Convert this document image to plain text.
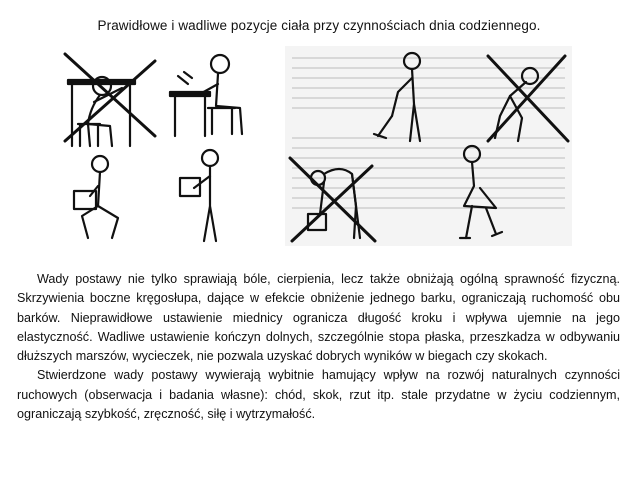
Prawidłowe i wadliwe pozycje ciała przy czynnościach dnia codziennego.

Wady postawy nie tylko sprawiają bóle, cierpienia, lecz także obniżają ogólną sprawność fizyczną. Skrzywienia boczne kręgosłupa, dające w efekcie obniżenie jednego barku, ograniczają ruchomość obu barków. Nieprawidłowe ustawienie miednicy ogranicza długość kroku i wpływa ujemnie na jego elastyczność. Wadliwe ustawienie kończyn dolnych, szczególnie stopa płaska, przeszkadza w odbywaniu dłuższych marszów, wycieczek, nie pozwala uzyskać dobrych wyników w biegach czy skokach.

Stwierdzone wady postawy wywierają wybitnie hamujący wpływ na rozwój naturalnych czynności ruchowych (obserwacja i badania własne): chód, skok, rzut itp. stale przydatne w życiu codziennym, ograniczają szybkość, zręczność, siłę i wytrzymałość.
